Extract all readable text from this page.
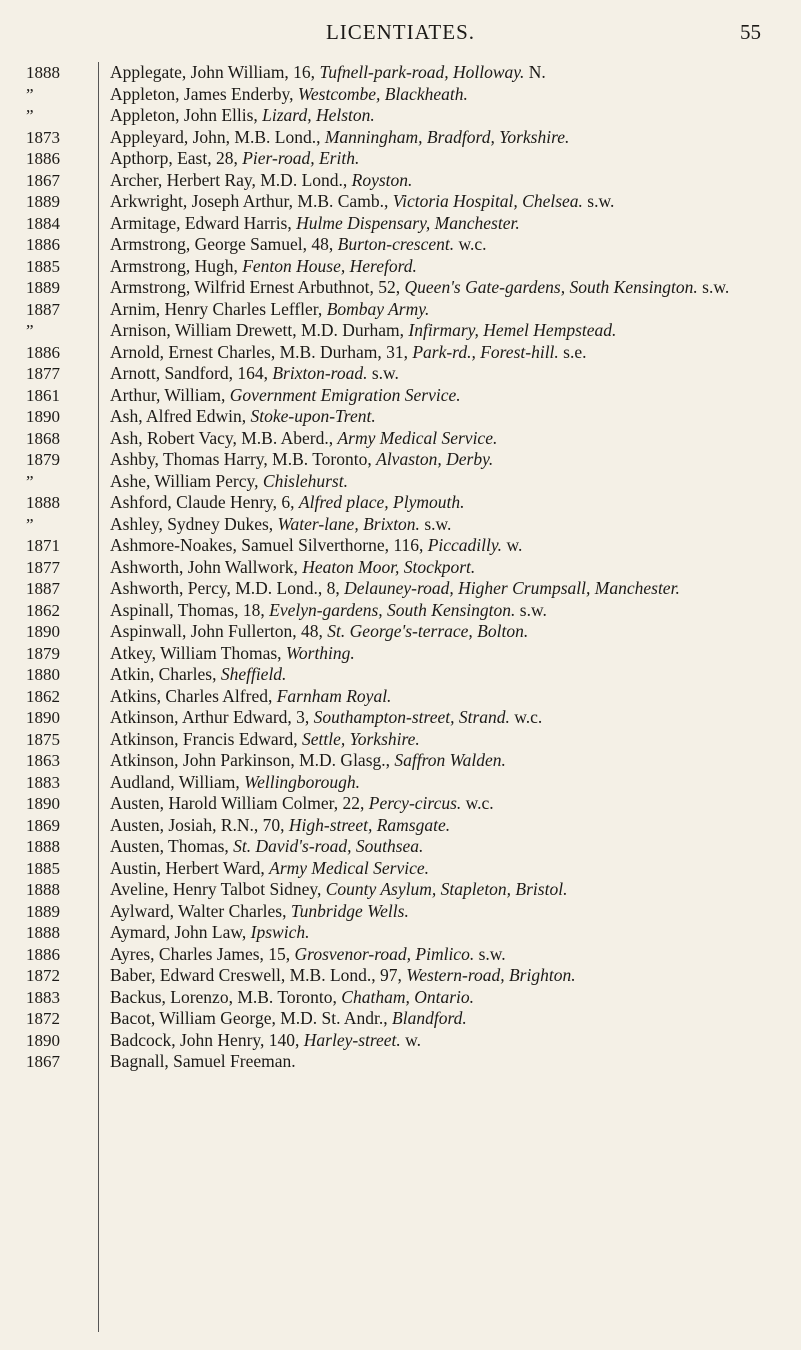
LICENTIATES.	55
1888	Applegate, John William, 16, Tufnell-park-road, Holloway. N.
”	Appleton, James Enderby, Westcombe, Blackheath.
”	Appleton, John Ellis, Lizard, Helston.
1873	Appleyard, John, M.B. Lond., Manningham, Bradford, Yorkshire.
1886	Apthorp, East, 28, Pier-road, Erith.
1867	Archer, Herbert Ray, M.D. Lond., Royston.
1889	Arkwright, Joseph Arthur, M.B. Camb., Victoria Hospital, Chelsea. s.w.
1884	Armitage, Edward Harris, Hulme Dispensary, Manchester.
1886	Armstrong, George Samuel, 48, Burton-crescent. w.c.
1885	Armstrong, Hugh, Fenton House, Hereford.
1889	Armstrong, Wilfrid Ernest Arbuthnot, 52, Queen's Gate-gardens, South Kensington. s.w.
1887	Arnim, Henry Charles Leffler, Bombay Army.
”	Arnison, William Drewett, M.D. Durham, Infirmary, Hemel Hempstead.
1886	Arnold, Ernest Charles, M.B. Durham, 31, Park-rd., Forest-hill. s.e.
1877	Arnott, Sandford, 164, Brixton-road. s.w.
1861	Arthur, William, Government Emigration Service.
1890	Ash, Alfred Edwin, Stoke-upon-Trent.
1868	Ash, Robert Vacy, M.B. Aberd., Army Medical Service.
1879	Ashby, Thomas Harry, M.B. Toronto, Alvaston, Derby.
”	Ashe, William Percy, Chislehurst.
1888	Ashford, Claude Henry, 6, Alfred place, Plymouth.
”	Ashley, Sydney Dukes, Water-lane, Brixton. s.w.
1871	Ashmore-Noakes, Samuel Silverthorne, 116, Piccadilly. w.
1877	Ashworth, John Wallwork, Heaton Moor, Stockport.
1887	Ashworth, Percy, M.D. Lond., 8, Delauney-road, Higher Crumpsall, Manchester.
1862	Aspinall, Thomas, 18, Evelyn-gardens, South Kensington. s.w.
1890	Aspinwall, John Fullerton, 48, St. George's-terrace, Bolton.
1879	Atkey, William Thomas, Worthing.
1880	Atkin, Charles, Sheffield.
1862	Atkins, Charles Alfred, Farnham Royal.
1890	Atkinson, Arthur Edward, 3, Southampton-street, Strand. w.c.
1875	Atkinson, Francis Edward, Settle, Yorkshire.
1863	Atkinson, John Parkinson, M.D. Glasg., Saffron Walden.
1883	Audland, William, Wellingborough.
1890	Austen, Harold William Colmer, 22, Percy-circus. w.c.
1869	Austen, Josiah, R.N., 70, High-street, Ramsgate.
1888	Austen, Thomas, St. David's-road, Southsea.
1885	Austin, Herbert Ward, Army Medical Service.
1888	Aveline, Henry Talbot Sidney, County Asylum, Stapleton, Bristol.
1889	Aylward, Walter Charles, Tunbridge Wells.
1888	Aymard, John Law, Ipswich.
1886	Ayres, Charles James, 15, Grosvenor-road, Pimlico. s.w.
1872	Baber, Edward Creswell, M.B. Lond., 97, Western-road, Brighton.
1883	Backus, Lorenzo, M.B. Toronto, Chatham, Ontario.
1872	Bacot, William George, M.D. St. Andr., Blandford.
1890	Badcock, John Henry, 140, Harley-street. w.
1867	Bagnall, Samuel Freeman.
